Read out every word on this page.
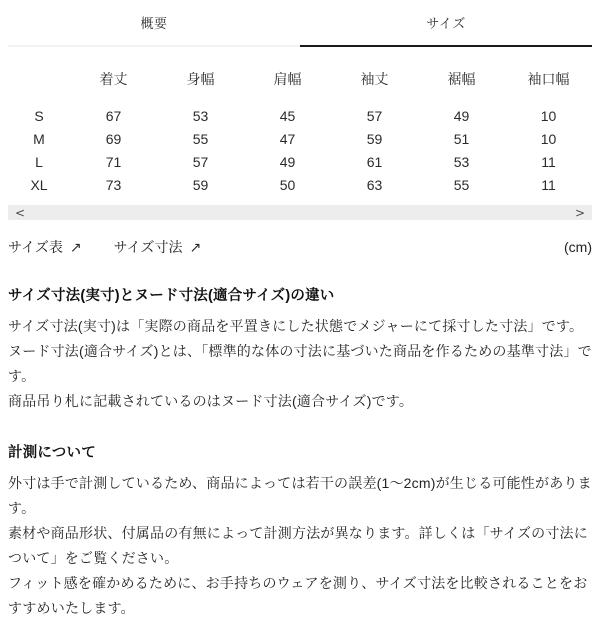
概要	サイズ
	着丈	身幅	肩幅	袖丈	裾幅	袖口幅
S	67	53	45	57	49	10
M	69	55	47	59	51	10
L	71	57	49	61	53	11
XL	73	59	50	63	55	11
<	>
サイズ表 ↗ サイズ寸法 ↗	(cm)
サイズ寸法(実寸)とヌード寸法(適合サイズ)の違い

サイズ寸法(実寸)は「実際の商品を平置きにした状態でメジャーにて採寸した寸法」です。

ヌード寸法(適合サイズ)とは、「標準的な体の寸法に基づいた商品を作るための基準寸法」です。

商品吊り札に記載されているのはヌード寸法(適合サイズ)です。

計測について

外寸は手で計測しているため、商品によっては若干の誤差(1〜2cm)が生じる可能性があります。

素材や商品形状、付属品の有無によって計測方法が異なります。詳しくは「サイズの寸法について」をご覧ください。

フィット感を確かめるために、お手持ちのウェアを測り、サイズ寸法を比較されることをおすすめいたします。
